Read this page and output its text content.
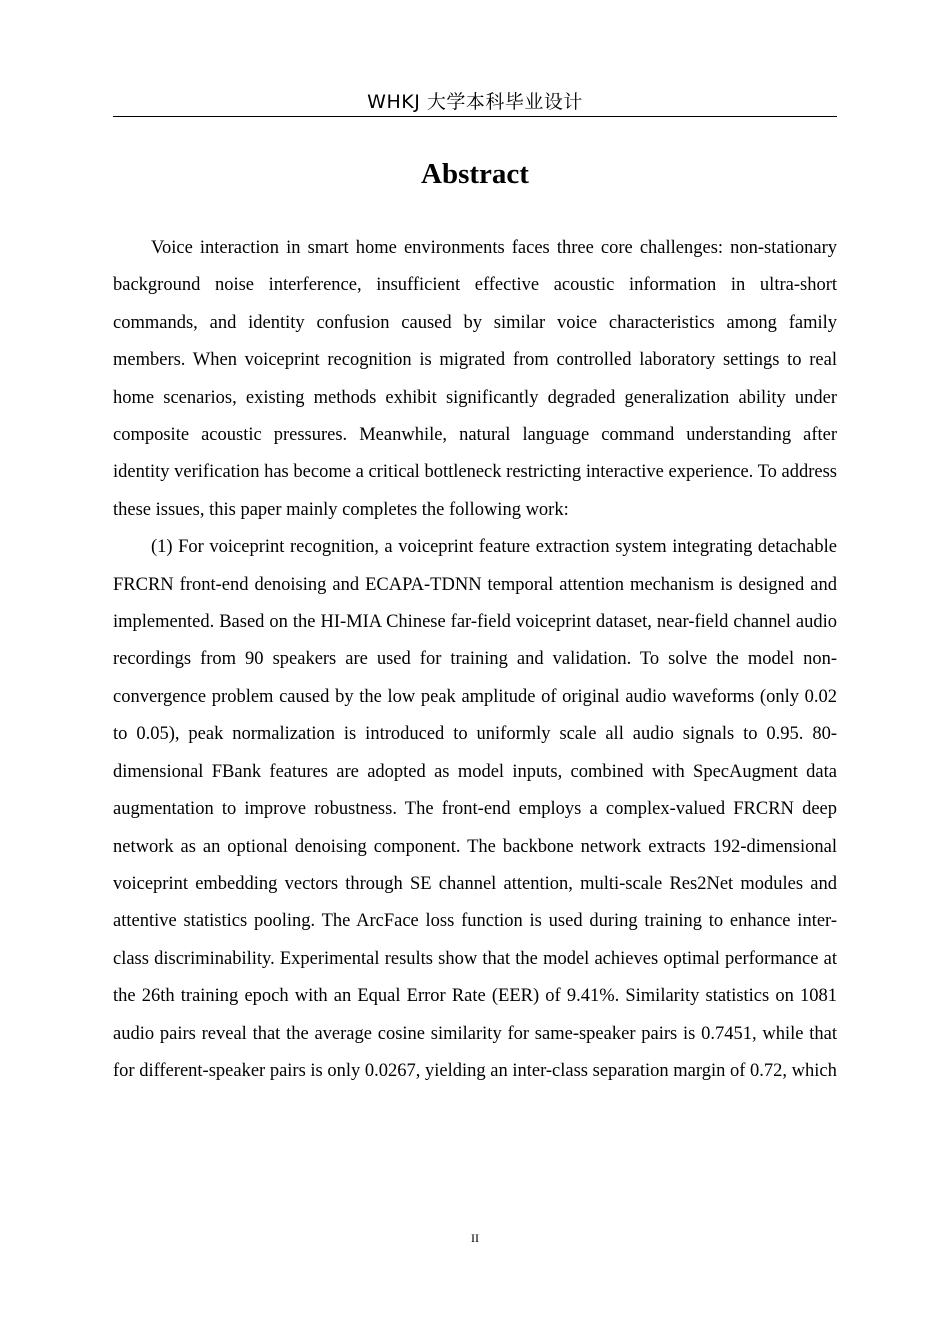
WHKJ 大学本科毕业设计
Abstract

Voice interaction in smart home environments faces three core challenges: non-stationary background noise interference, insufficient effective acoustic information in ultra-short commands, and identity confusion caused by similar voice characteristics among family members. When voiceprint recognition is migrated from controlled laboratory settings to real home scenarios, existing methods exhibit significantly degraded generalization ability under composite acoustic pressures. Meanwhile, natural language command understanding after identity verification has become a critical bottleneck restricting interactive experience. To address these issues, this paper mainly completes the following work:

(1) For voiceprint recognition, a voiceprint feature extraction system integrating detachable FRCRN front-end denoising and ECAPA-TDNN temporal attention mechanism is designed and implemented. Based on the HI-MIA Chinese far-field voiceprint dataset, near-field channel audio recordings from 90 speakers are used for training and validation. To solve the model non-convergence problem caused by the low peak amplitude of original audio waveforms (only 0.02 to 0.05), peak normalization is introduced to uniformly scale all audio signals to 0.95. 80-dimensional FBank features are adopted as model inputs, combined with SpecAugment data augmentation to improve robustness. The front-end employs a complex-valued FRCRN deep network as an optional denoising component. The backbone network extracts 192-dimensional voiceprint embedding vectors through SE channel attention, multi-scale Res2Net modules and attentive statistics pooling. The ArcFace loss function is used during training to enhance inter-class discriminability. Experimental results show that the model achieves optimal performance at the 26th training epoch with an Equal Error Rate (EER) of 9.41%. Similarity statistics on 1081 audio pairs reveal that the average cosine similarity for same-speaker pairs is 0.7451, while that for different-speaker pairs is only 0.0267, yielding an inter-class separation margin of 0.72, which

II
